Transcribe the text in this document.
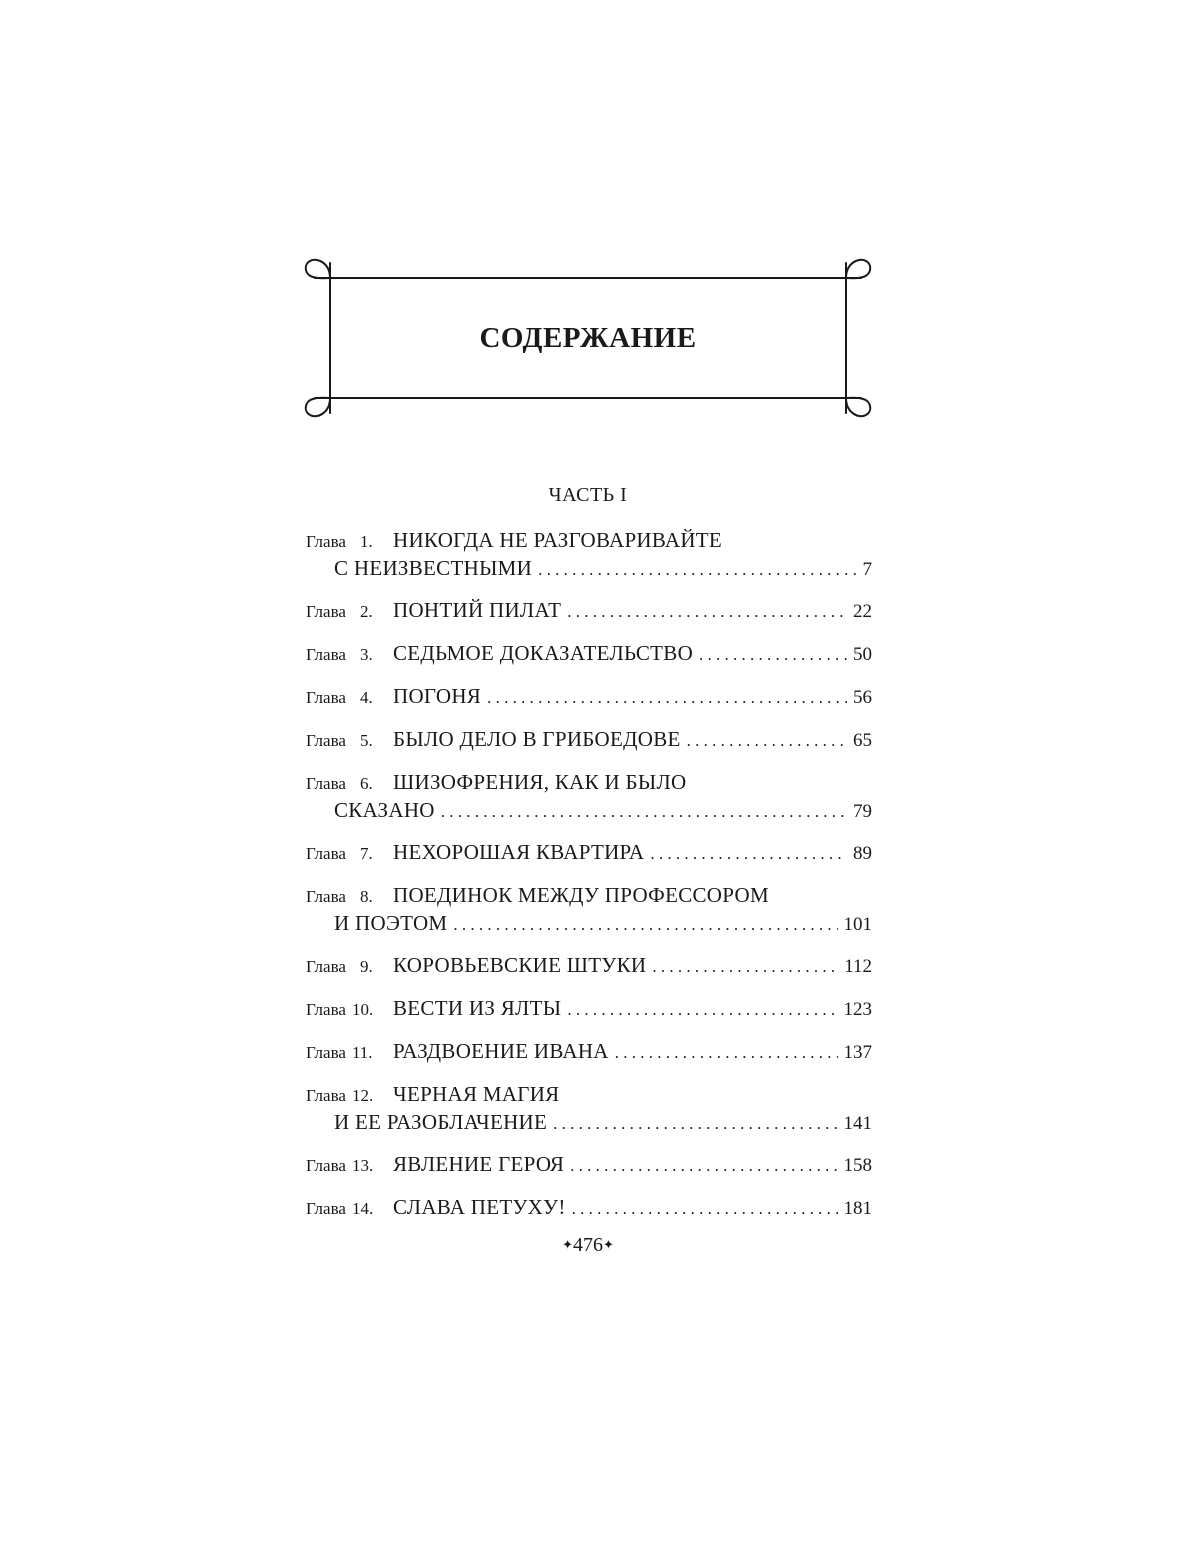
СОДЕРЖАНИЕ
ЧАСТЬ I
Глава 1. НИКОГДА НЕ РАЗГОВАРИВАЙТЕ
С НЕИЗВЕСТНЫМИ . . .	7
Глава 2. ПОНТИЙ ПИЛАТ . . .	22
Глава 3. СЕДЬМОЕ ДОКАЗАТЕЛЬСТВО . . .	50
Глава 4. ПОГОНЯ . . .	56
Глава 5. БЫЛО ДЕЛО В ГРИБОЕДОВЕ . . .	65
Глава 6. ШИЗОФРЕНИЯ, КАК И БЫЛО
СКАЗАНО . . .	79
Глава 7. НЕХОРОШАЯ КВАРТИРА . . .	89
Глава 8. ПОЕДИНОК МЕЖДУ ПРОФЕССОРОМ
И ПОЭТОМ . . .	101
Глава 9. КОРОВЬЕВСКИЕ ШТУКИ . . .	112
Глава 10. ВЕСТИ ИЗ ЯЛТЫ . . .	123
Глава 11. РАЗДВОЕНИЕ ИВАНА . . .	137
Глава 12. ЧЕРНАЯ МАГИЯ
И ЕЕ РАЗОБЛАЧЕНИЕ . . .	141
Глава 13. ЯВЛЕНИЕ ГЕРОЯ . . .	158
Глава 14. СЛАВА ПЕТУХУ! . . .	181
✦476✦
